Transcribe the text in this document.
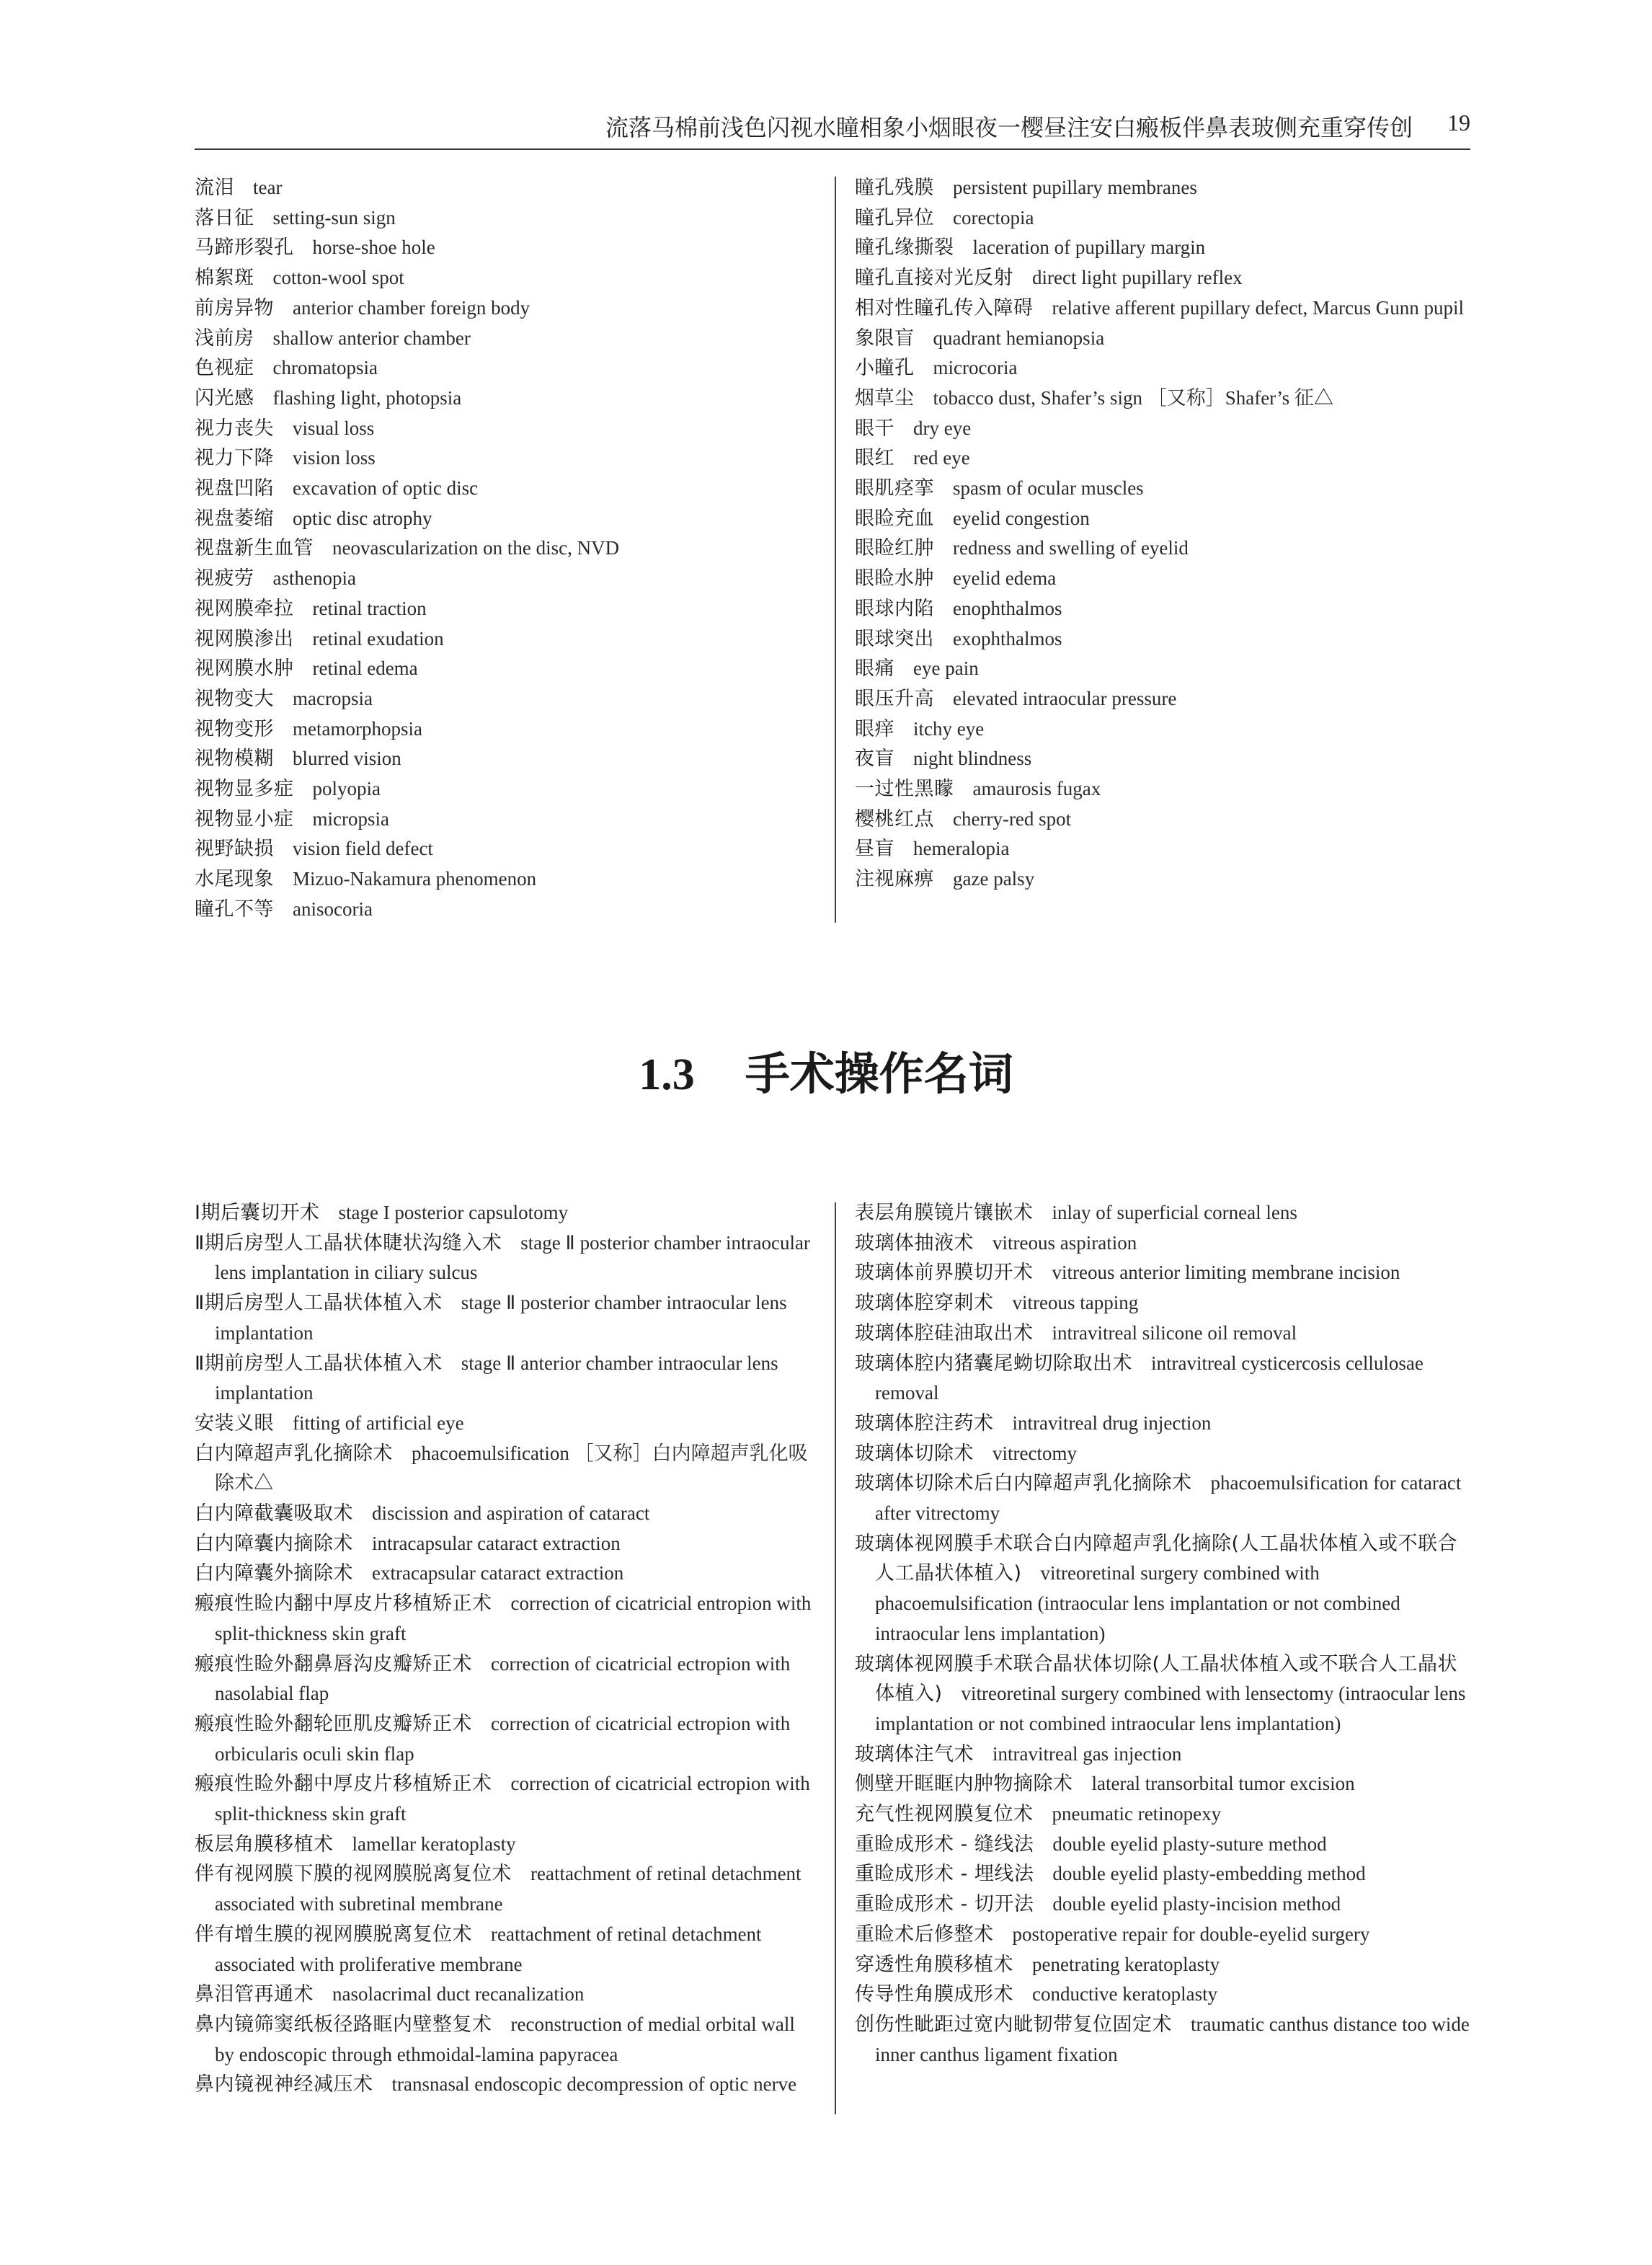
流落马棉前浅色闪视水瞳相象小烟眼夜一樱昼注安白瘢板伴鼻表玻侧充重穿传创 19

流泪 tear

落日征 setting-sun sign

马蹄形裂孔 horse-shoe hole

棉絮斑 cotton-wool spot

前房异物 anterior chamber foreign body

浅前房 shallow anterior chamber

色视症 chromatopsia

闪光感 flashing light, photopsia

视力丧失 visual loss

视力下降 vision loss

视盘凹陷 excavation of optic disc

视盘萎缩 optic disc atrophy

视盘新生血管 neovascularization on the disc, NVD

视疲劳 asthenopia

视网膜牵拉 retinal traction

视网膜渗出 retinal exudation

视网膜水肿 retinal edema

视物变大 macropsia

视物变形 metamorphopsia

视物模糊 blurred vision

视物显多症 polyopia

视物显小症 micropsia

视野缺损 vision field defect

水尾现象 Mizuo-Nakamura phenomenon

瞳孔不等 anisocoria

瞳孔残膜 persistent pupillary membranes

瞳孔异位 corectopia

瞳孔缘撕裂 laceration of pupillary margin

瞳孔直接对光反射 direct light pupillary reflex

相对性瞳孔传入障碍 relative afferent pupillary defect, Marcus Gunn pupil

象限盲 quadrant hemianopsia

小瞳孔 microcoria

烟草尘 tobacco dust, Shafer’s sign ［又称］Shafer’s 征△

眼干 dry eye

眼红 red eye

眼肌痉挛 spasm of ocular muscles

眼睑充血 eyelid congestion

眼睑红肿 redness and swelling of eyelid

眼睑水肿 eyelid edema

眼球内陷 enophthalmos

眼球突出 exophthalmos

眼痛 eye pain

眼压升高 elevated intraocular pressure

眼痒 itchy eye

夜盲 night blindness

一过性黑矇 amaurosis fugax

樱桃红点 cherry-red spot

昼盲 hemeralopia

注视麻痹 gaze palsy

1.3 手术操作名词

Ⅰ期后囊切开术 stage I posterior capsulotomy

Ⅱ期后房型人工晶状体睫状沟缝入术 stage Ⅱ posterior chamber intraocular lens implantation in ciliary sulcus

Ⅱ期后房型人工晶状体植入术 stage Ⅱ posterior chamber intraocular lens implantation

Ⅱ期前房型人工晶状体植入术 stage Ⅱ anterior chamber intraocular lens implantation

安装义眼 fitting of artificial eye

白内障超声乳化摘除术 phacoemulsification ［又称］白内障超声乳化吸除术△

白内障截囊吸取术 discission and aspiration of cataract

白内障囊内摘除术 intracapsular cataract extraction

白内障囊外摘除术 extracapsular cataract extraction

瘢痕性睑内翻中厚皮片移植矫正术 correction of cicatricial entropion with split-thickness skin graft

瘢痕性睑外翻鼻唇沟皮瓣矫正术 correction of cicatricial ectropion with nasolabial flap

瘢痕性睑外翻轮匝肌皮瓣矫正术 correction of cicatricial ectropion with orbicularis oculi skin flap

瘢痕性睑外翻中厚皮片移植矫正术 correction of cicatricial ectropion with split-thickness skin graft

板层角膜移植术 lamellar keratoplasty

伴有视网膜下膜的视网膜脱离复位术 reattachment of retinal detachment associated with subretinal membrane

伴有增生膜的视网膜脱离复位术 reattachment of retinal detachment associated with proliferative membrane

鼻泪管再通术 nasolacrimal duct recanalization

鼻内镜筛窦纸板径路眶内壁整复术 reconstruction of medial orbital wall by endoscopic through ethmoidal-lamina papyracea

鼻内镜视神经减压术 transnasal endoscopic decompression of optic nerve

表层角膜镜片镶嵌术 inlay of superficial corneal lens

玻璃体抽液术 vitreous aspiration

玻璃体前界膜切开术 vitreous anterior limiting membrane incision

玻璃体腔穿刺术 vitreous tapping

玻璃体腔硅油取出术 intravitreal silicone oil removal

玻璃体腔内猪囊尾蚴切除取出术 intravitreal cysticercosis cellulosae removal

玻璃体腔注药术 intravitreal drug injection

玻璃体切除术 vitrectomy

玻璃体切除术后白内障超声乳化摘除术 phacoemulsification for cataract after vitrectomy

玻璃体视网膜手术联合白内障超声乳化摘除(人工晶状体植入或不联合人工晶状体植入) vitreoretinal surgery combined with phacoemulsification (intraocular lens implantation or not combined intraocular lens implantation)

玻璃体视网膜手术联合晶状体切除(人工晶状体植入或不联合人工晶状体植入) vitreoretinal surgery combined with lensectomy (intraocular lens implantation or not combined intraocular lens implantation)

玻璃体注气术 intravitreal gas injection

侧壁开眶眶内肿物摘除术 lateral transorbital tumor excision

充气性视网膜复位术 pneumatic retinopexy

重睑成形术 - 缝线法 double eyelid plasty-suture method

重睑成形术 - 埋线法 double eyelid plasty-embedding method

重睑成形术 - 切开法 double eyelid plasty-incision method

重睑术后修整术 postoperative repair for double-eyelid surgery

穿透性角膜移植术 penetrating keratoplasty

传导性角膜成形术 conductive keratoplasty

创伤性眦距过宽内眦韧带复位固定术 traumatic canthus distance too wide inner canthus ligament fixation
